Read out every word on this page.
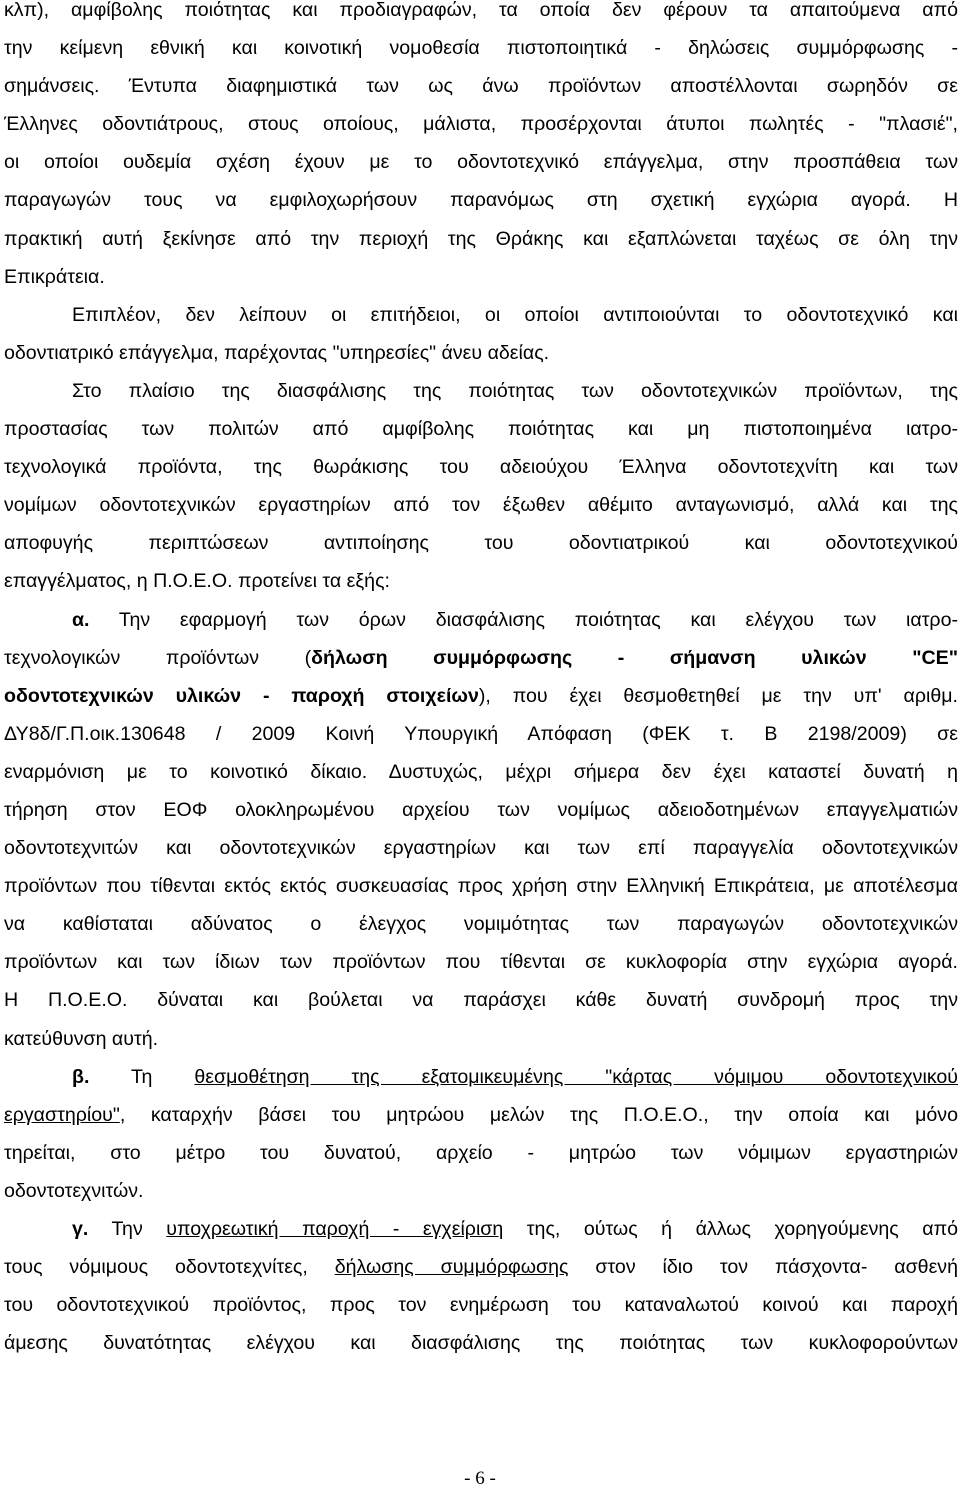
κλπ), αμφίβολης ποιότητας και προδιαγραφών, τα οποία δεν φέρουν τα απαιτούμενα από
την κείμενη εθνική και κοινοτική νομοθεσία πιστοποιητικά - δηλώσεις συμμόρφωσης -
σημάνσεις. Έντυπα διαφημιστικά των ως άνω προϊόντων αποστέλλονται σωρηδόν σε
Έλληνες οδοντιάτρους, στους οποίους, μάλιστα, προσέρχονται άτυποι πωλητές - "πλασιέ",
οι οποίοι ουδεμία σχέση έχουν με το οδοντοτεχνικό επάγγελμα, στην προσπάθεια των
παραγωγών τους να εμφιλοχωρήσουν παρανόμως στη σχετική εγχώρια αγορά. Η
πρακτική αυτή ξεκίνησε από την περιοχή της Θράκης και εξαπλώνεται ταχέως σε όλη την
Επικράτεια.
Επιπλέον, δεν λείπουν οι επιτήδειοι, οι οποίοι αντιποιούνται το οδοντοτεχνικό και
οδοντιατρικό επάγγελμα, παρέχοντας "υπηρεσίες" άνευ αδείας.
Στο πλαίσιο της διασφάλισης της ποιότητας των οδοντοτεχνικών προϊόντων, της
προστασίας των πολιτών από αμφίβολης ποιότητας και μη πιστοποιημένα ιατρο-
τεχνολογικά προϊόντα, της θωράκισης του αδειούχου Έλληνα οδοντοτεχνίτη και των
νομίμων οδοντοτεχνικών εργαστηρίων από τον έξωθεν αθέμιτο ανταγωνισμό, αλλά και της
αποφυγής περιπτώσεων αντιποίησης του οδοντιατρικού και οδοντοτεχνικού
επαγγέλματος, η Π.Ο.Ε.Ο. προτείνει τα εξής:
α. Την εφαρμογή των όρων διασφάλισης ποιότητας και ελέγχου των ιατρο-
τεχνολογικών προϊόντων (δήλωση συμμόρφωσης - σήμανση υλικών "CE"
οδοντοτεχνικών υλικών - παροχή στοιχείων), που έχει θεσμοθετηθεί με την υπ' αριθμ.
ΔΥ8δ/Γ.Π.οικ.130648 / 2009 Κοινή Υπουργική Απόφαση (ΦΕΚ τ. Β 2198/2009) σε
εναρμόνιση με το κοινοτικό δίκαιο. Δυστυχώς, μέχρι σήμερα δεν έχει καταστεί δυνατή η
τήρηση στον ΕΟΦ ολοκληρωμένου αρχείου των νομίμως αδειοδοτημένων επαγγελματιών
οδοντοτεχνιτών και οδοντοτεχνικών εργαστηρίων και των επί παραγγελία οδοντοτεχνικών
προϊόντων που τίθενται εκτός εκτός συσκευασίας προς χρήση στην Ελληνική Επικράτεια, με αποτέλεσμα
να καθίσταται αδύνατος ο έλεγχος νομιμότητας των παραγωγών οδοντοτεχνικών
προϊόντων και των ίδιων των προϊόντων που τίθενται σε κυκλοφορία στην εγχώρια αγορά.
Η Π.Ο.Ε.Ο. δύναται και βούλεται να παράσχει κάθε δυνατή συνδρομή προς την
κατεύθυνση αυτή.
β. Τη θεσμοθέτηση της εξατομικευμένης "κάρτας νόμιμου οδοντοτεχνικού
εργαστηρίου", καταρχήν βάσει του μητρώου μελών της Π.Ο.Ε.Ο., την οποία και μόνο
τηρείται, στο μέτρο του δυνατού, αρχείο - μητρώο των νόμιμων εργαστηριών
οδοντοτεχνιτών.
γ. Την υποχρεωτική παροχή - εγχείριση της, ούτως ή άλλως χορηγούμενης από
τους νόμιμους οδοντοτεχνίτες, δήλωσης συμμόρφωσης στον ίδιο τον πάσχοντα- ασθενή
του οδοντοτεχνικού προϊόντος, προς τον ενημέρωση του καταναλωτού κοινού και παροχή
άμεσης δυνατότητας ελέγχου και διασφάλισης της ποιότητας των κυκλοφορούντων
- 6 -
